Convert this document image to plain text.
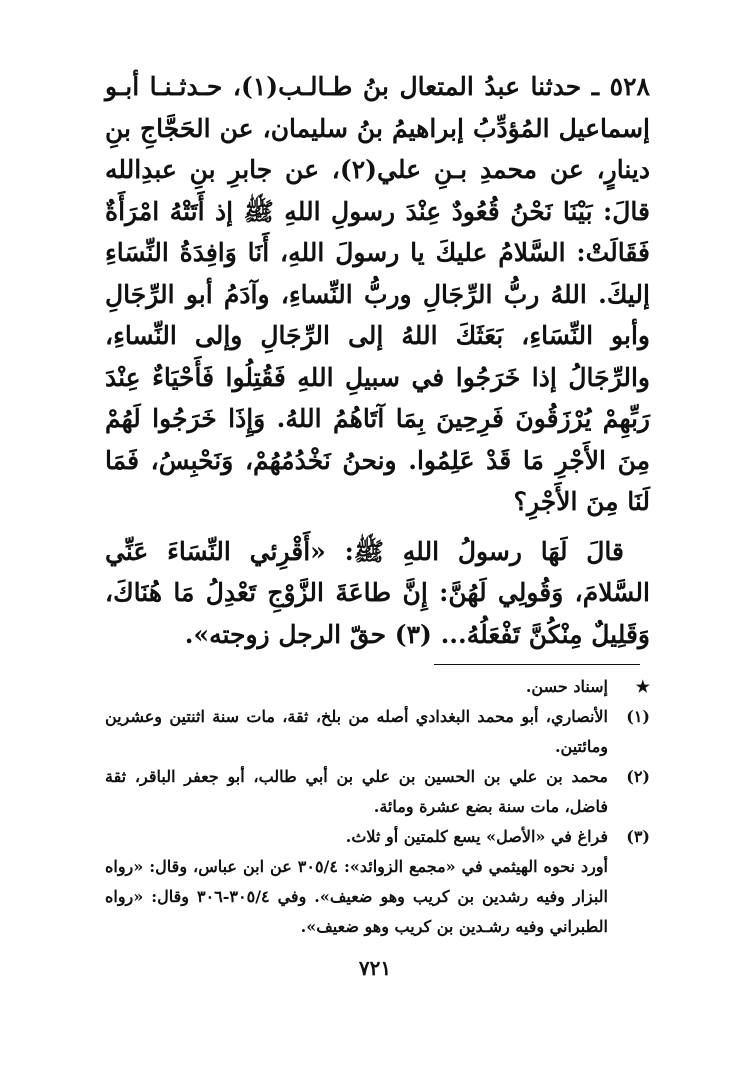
٥٢٨ ـ حدثنا عبدُ المتعال بنُ طـالـب(١)، حـدثـنـا أبـو إسماعيل المُؤدِّبُ إبراهيمُ بنُ سليمان، عن الحَجَّاجِ بنِ دينارٍ، عن محمدِ بـنِ علي(٢)، عن جابرِ بنِ عبدِالله قالَ: بَيْنَا نَحْنُ قُعُودٌ عِنْدَ رسولِ اللهِ ﷺ إذ أَتَتْهُ امْرَأَةٌ فَقَالَتْ: السَّلامُ عليكَ يا رسولَ اللهِ، أَنَا وَافِدَةُ النِّسَاءِ إليكَ. اللهُ ربُّ الرِّجَالِ وربُّ النِّساءِ، وآدَمُ أبو الرِّجَالِ وأبو النِّسَاءِ، بَعَثَكَ اللهُ إلى الرِّجَالِ وإلى النِّساءِ، والرِّجَالُ إذا خَرَجُوا في سبيلِ اللهِ فَقُتِلُوا فَأَحْيَاءٌ عِنْدَ رَبِّهِمْ يُرْزَقُونَ فَرِحِينَ بِمَا آتَاهُمُ اللهُ. وَإِذَا خَرَجُوا لَهُمْ مِنَ الأَجْرِ مَا قَدْ عَلِمُوا. ونحنُ نَخْدُمُهُمْ، وَنَحْبِسُ، فَمَا لَنَا مِنَ الأَجْرِ؟

قالَ لَهَا رسولُ اللهِ ﷺ: «أَقْرِئي النِّسَاءَ عَنِّي السَّلامَ، وَقُولِي لَهُنَّ: إِنَّ طاعَةَ الزَّوْجِ تَعْدِلُ مَا هُنَاكَ، وَقَلِيلٌ مِنْكُنَّ تَفْعَلُهُ... (٣) حقّ الرجل زوجته».

★
إسناد حسن.
(١)
الأنصاري، أبو محمد البغدادي أصله من بلخ، ثقة، مات سنة اثنتين وعشرين ومائتين.
(٢)
محمد بن علي بن الحسين بن علي بن أبي طالب، أبو جعفر الباقر، ثقة فاضل، مات سنة بضع عشرة ومائة.
(٣)
فراغ في «الأصل» يسع كلمتين أو ثلاث.
أورد نحوه الهيثمي في «مجمع الزوائد»: ٣٠٥/٤ عن ابن عباس، وقال: «رواه البزار وفيه رشدين بن كريب وهو ضعيف». وفي ٣٠٥/٤-٣٠٦ وقال: «رواه الطبراني وفيه رشـدين بن كريب وهو ضعيف».
٧٢١
